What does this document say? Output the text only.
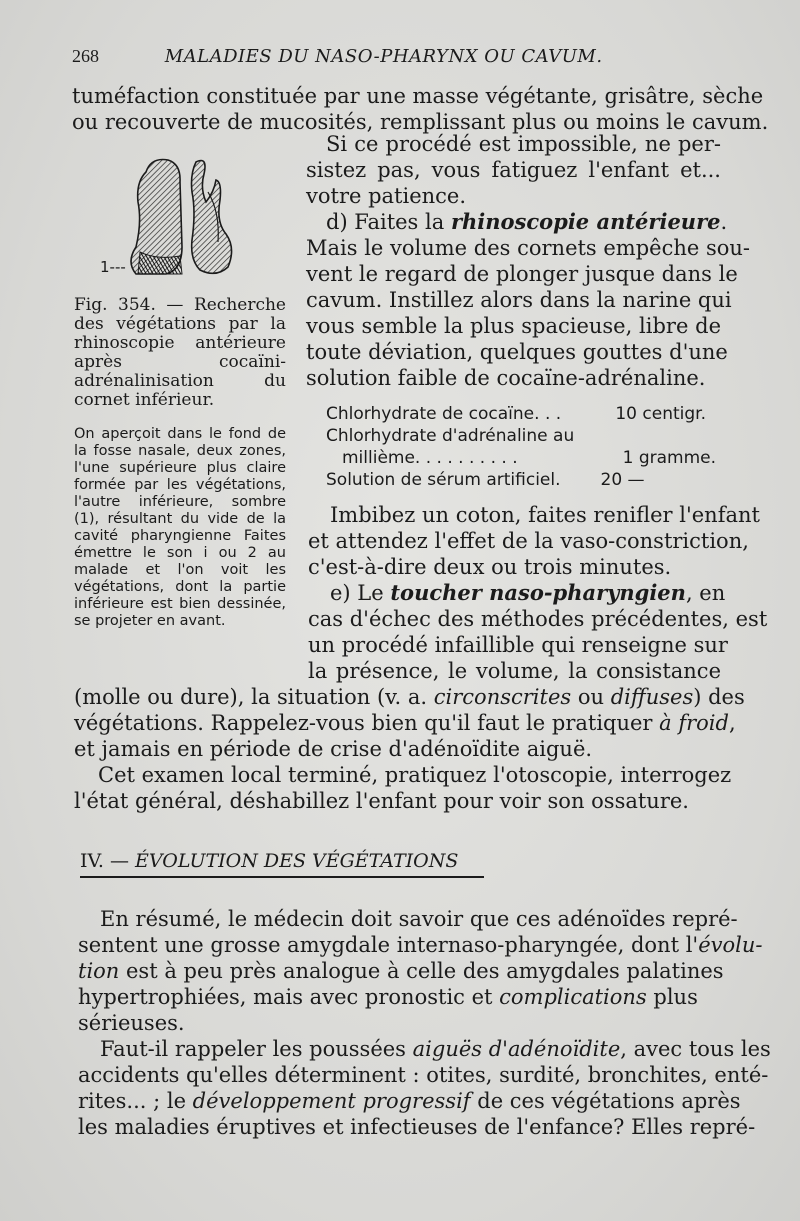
268	MALADIES DU NASO-PHARYNX OU CAVUM.
tuméfaction constituée par une masse végétante, grisâtre, sèche
ou recouverte de mucosités, remplissant plus ou moins le cavum.
1---
Fig. 354. — Recherche des végétations par la rhinoscopie antérieure après cocaïni-adrénalinisation du cornet inférieur.
On aperçoit dans le fond de la fosse nasale, deux zones, l'une supérieure plus claire formée par les végétations, l'autre inférieure, sombre (1), résultant du vide de la cavité pharyngienne Faites émettre le son i ou 2 au malade et l'on voit les végétations, dont la partie inférieure est bien dessinée, se projeter en avant.
Si ce procédé est impossible, ne per-
sistez pas, vous fatiguez l'enfant et...
votre patience.
d) Faites la rhinoscopie antérieure.
Mais le volume des cornets empêche sou-
vent le regard de plonger jusque dans le
cavum. Instillez alors dans la narine qui
vous semble la plus spacieuse, libre de
toute déviation, quelques gouttes d'une
solution faible de cocaïne-adrénaline.
Chlorhydrate de cocaïne. . .	10 centigr.
Chlorhydrate d'adrénaline au
millième. . . . . . . . . .	1 gramme.
Solution de sérum artificiel. 20 —
Imbibez un coton, faites renifler l'enfant
et attendez l'effet de la vaso-constriction,
c'est-à-dire deux ou trois minutes.
e) Le toucher naso-pharyngien, en
cas d'échec des méthodes précédentes, est
un procédé infaillible qui renseigne sur
la présence, le volume, la consistance
(molle ou dure), la situation (v. a. circonscrites ou diffuses) des
végétations. Rappelez-vous bien qu'il faut le pratiquer à froid,
et jamais en période de crise d'adénoïdite aiguë.
Cet examen local terminé, pratiquez l'otoscopie, interrogez
l'état général, déshabillez l'enfant pour voir son ossature.
IV. — ÉVOLUTION DES VÉGÉTATIONS
En résumé, le médecin doit savoir que ces adénoïdes repré-
sentent une grosse amygdale internaso-pharyngée, dont l'évolu-
tion est à peu près analogue à celle des amygdales palatines
hypertrophiées, mais avec pronostic et complications plus
sérieuses.
Faut-il rappeler les poussées aiguës d'adénoïdite, avec tous les
accidents qu'elles déterminent : otites, surdité, bronchites, enté-
rites... ; le développement progressif de ces végétations après
les maladies éruptives et infectieuses de l'enfance? Elles repré-
